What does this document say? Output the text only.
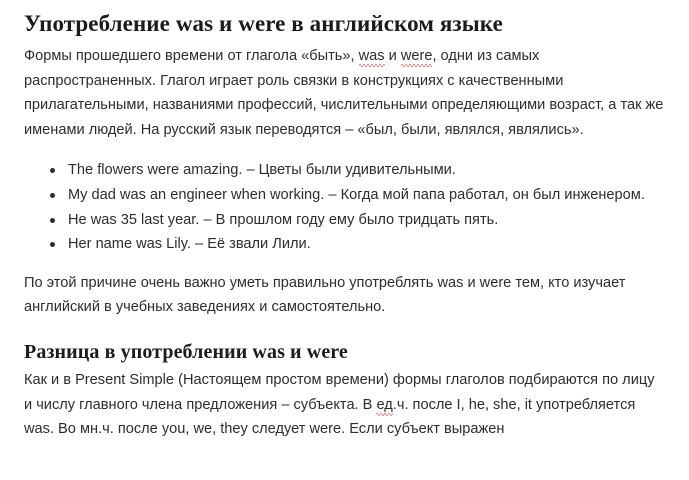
Употребление was и were в английском языке

Формы прошедшего времени от глагола «быть», was и were, одни из самых распространенных. Глагол играет роль связки в конструкциях с качественными прилагательными, названиями профессий, числительными определяющими возраст, а так же именами людей. На русский язык переводятся – «был, были, являлся, являлись».

The flowers were amazing. – Цветы были удивительными.
My dad was an engineer when working. – Когда мой папа работал, он был инженером.
He was 35 last year. – В прошлом году ему было тридцать пять.
Her name was Lily. – Её звали Лили.

По этой причине очень важно уметь правильно употреблять was и were тем, кто изучает английский в учебных заведениях и самостоятельно.

Разница в употреблении was и were

Как и в Present Simple (Настоящем простом времени) формы глаголов подбираются по лицу и числу главного члена предложения – субъекта. В ед.ч. после I, he, she, it употребляется was. Во мн.ч. после you, we, they следует were. Если субъект выражен
